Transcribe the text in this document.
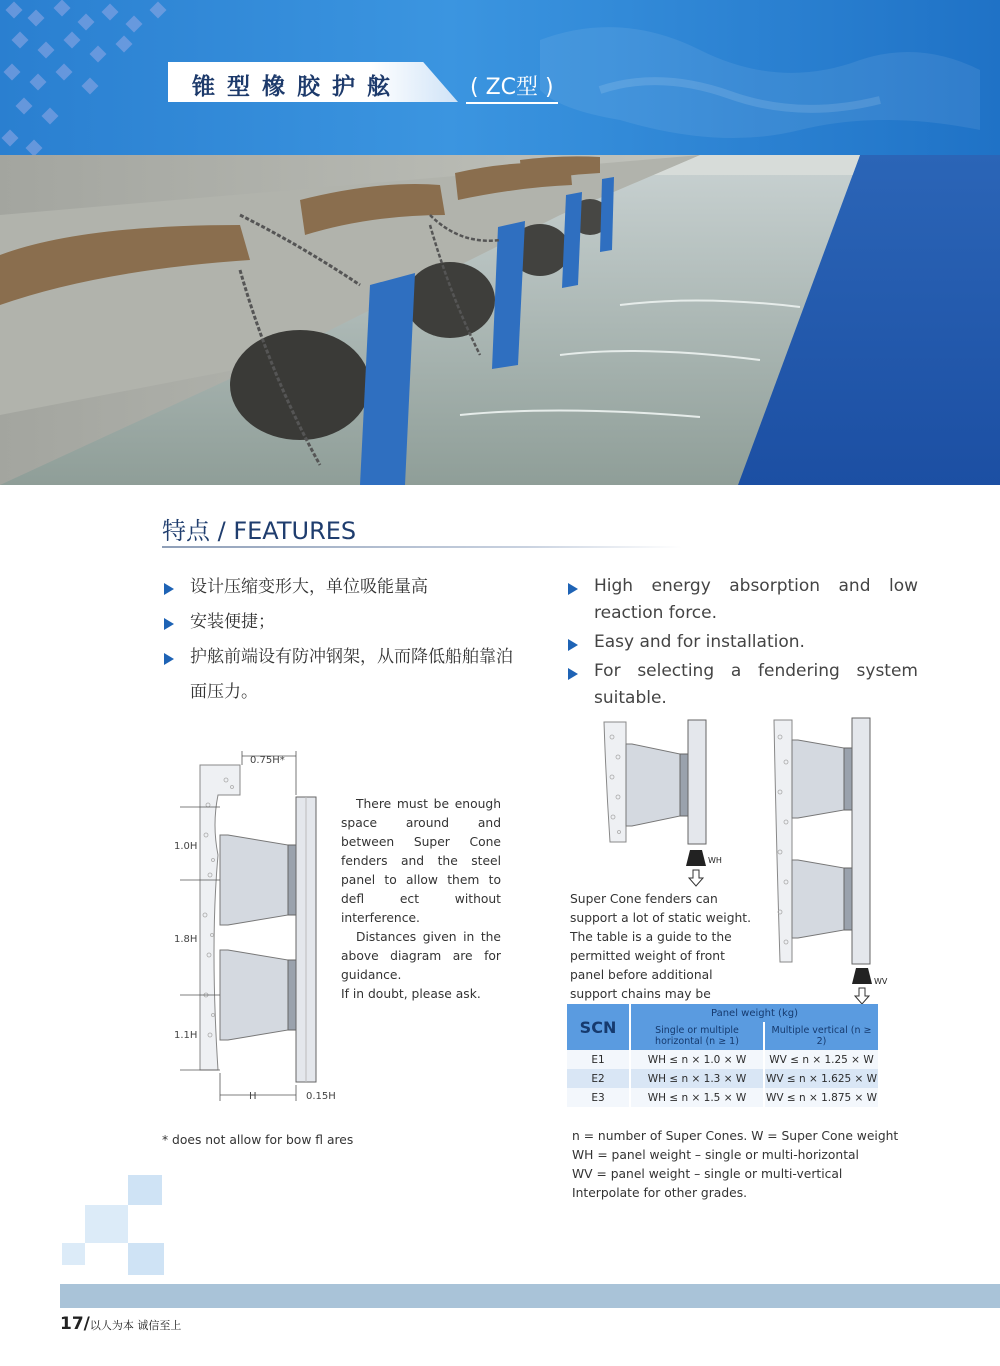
锥型橡胶护舷	( ZC型 )
特点 / FEATURES
设计压缩变形大，单位吸能量高
安装便捷；
护舷前端设有防冲钢架，从而降低船舶靠泊面压力。
High energy absorption and low reaction force.
Easy and for installation.
For selecting a fendering system suitable.
0.75H*
1.0H
1.8H
1.1H
H	0.15H
There must be enough space around and between Super Cone fenders and the steel panel to allow them to defl ect without interference.
Distances given in the above diagram are for guidance.
If in doubt, please ask.
* does not allow for bow fl ares
WH
WV
Super Cone fenders can support a lot of static weight. The table is a guide to the permitted weight of front panel before additional support chains may be required.
SCN	Panel weight (kg)	
	Single or multiple horizontal (n ≥ 1)	Multiple vertical (n ≥ 2)
E1	WH ≤ n × 1.0 × W	WV ≤ n × 1.25 × W
E2	WH ≤ n × 1.3 × W	WV ≤ n × 1.625 × W
E3	WH ≤ n × 1.5 × W	WV ≤ n × 1.875 × W
n = number of Super Cones. W = Super Cone weight
WH = panel weight – single or multi-horizontal
WV = panel weight – single or multi-vertical
Interpolate for other grades.
17/以人为本 诚信至上
